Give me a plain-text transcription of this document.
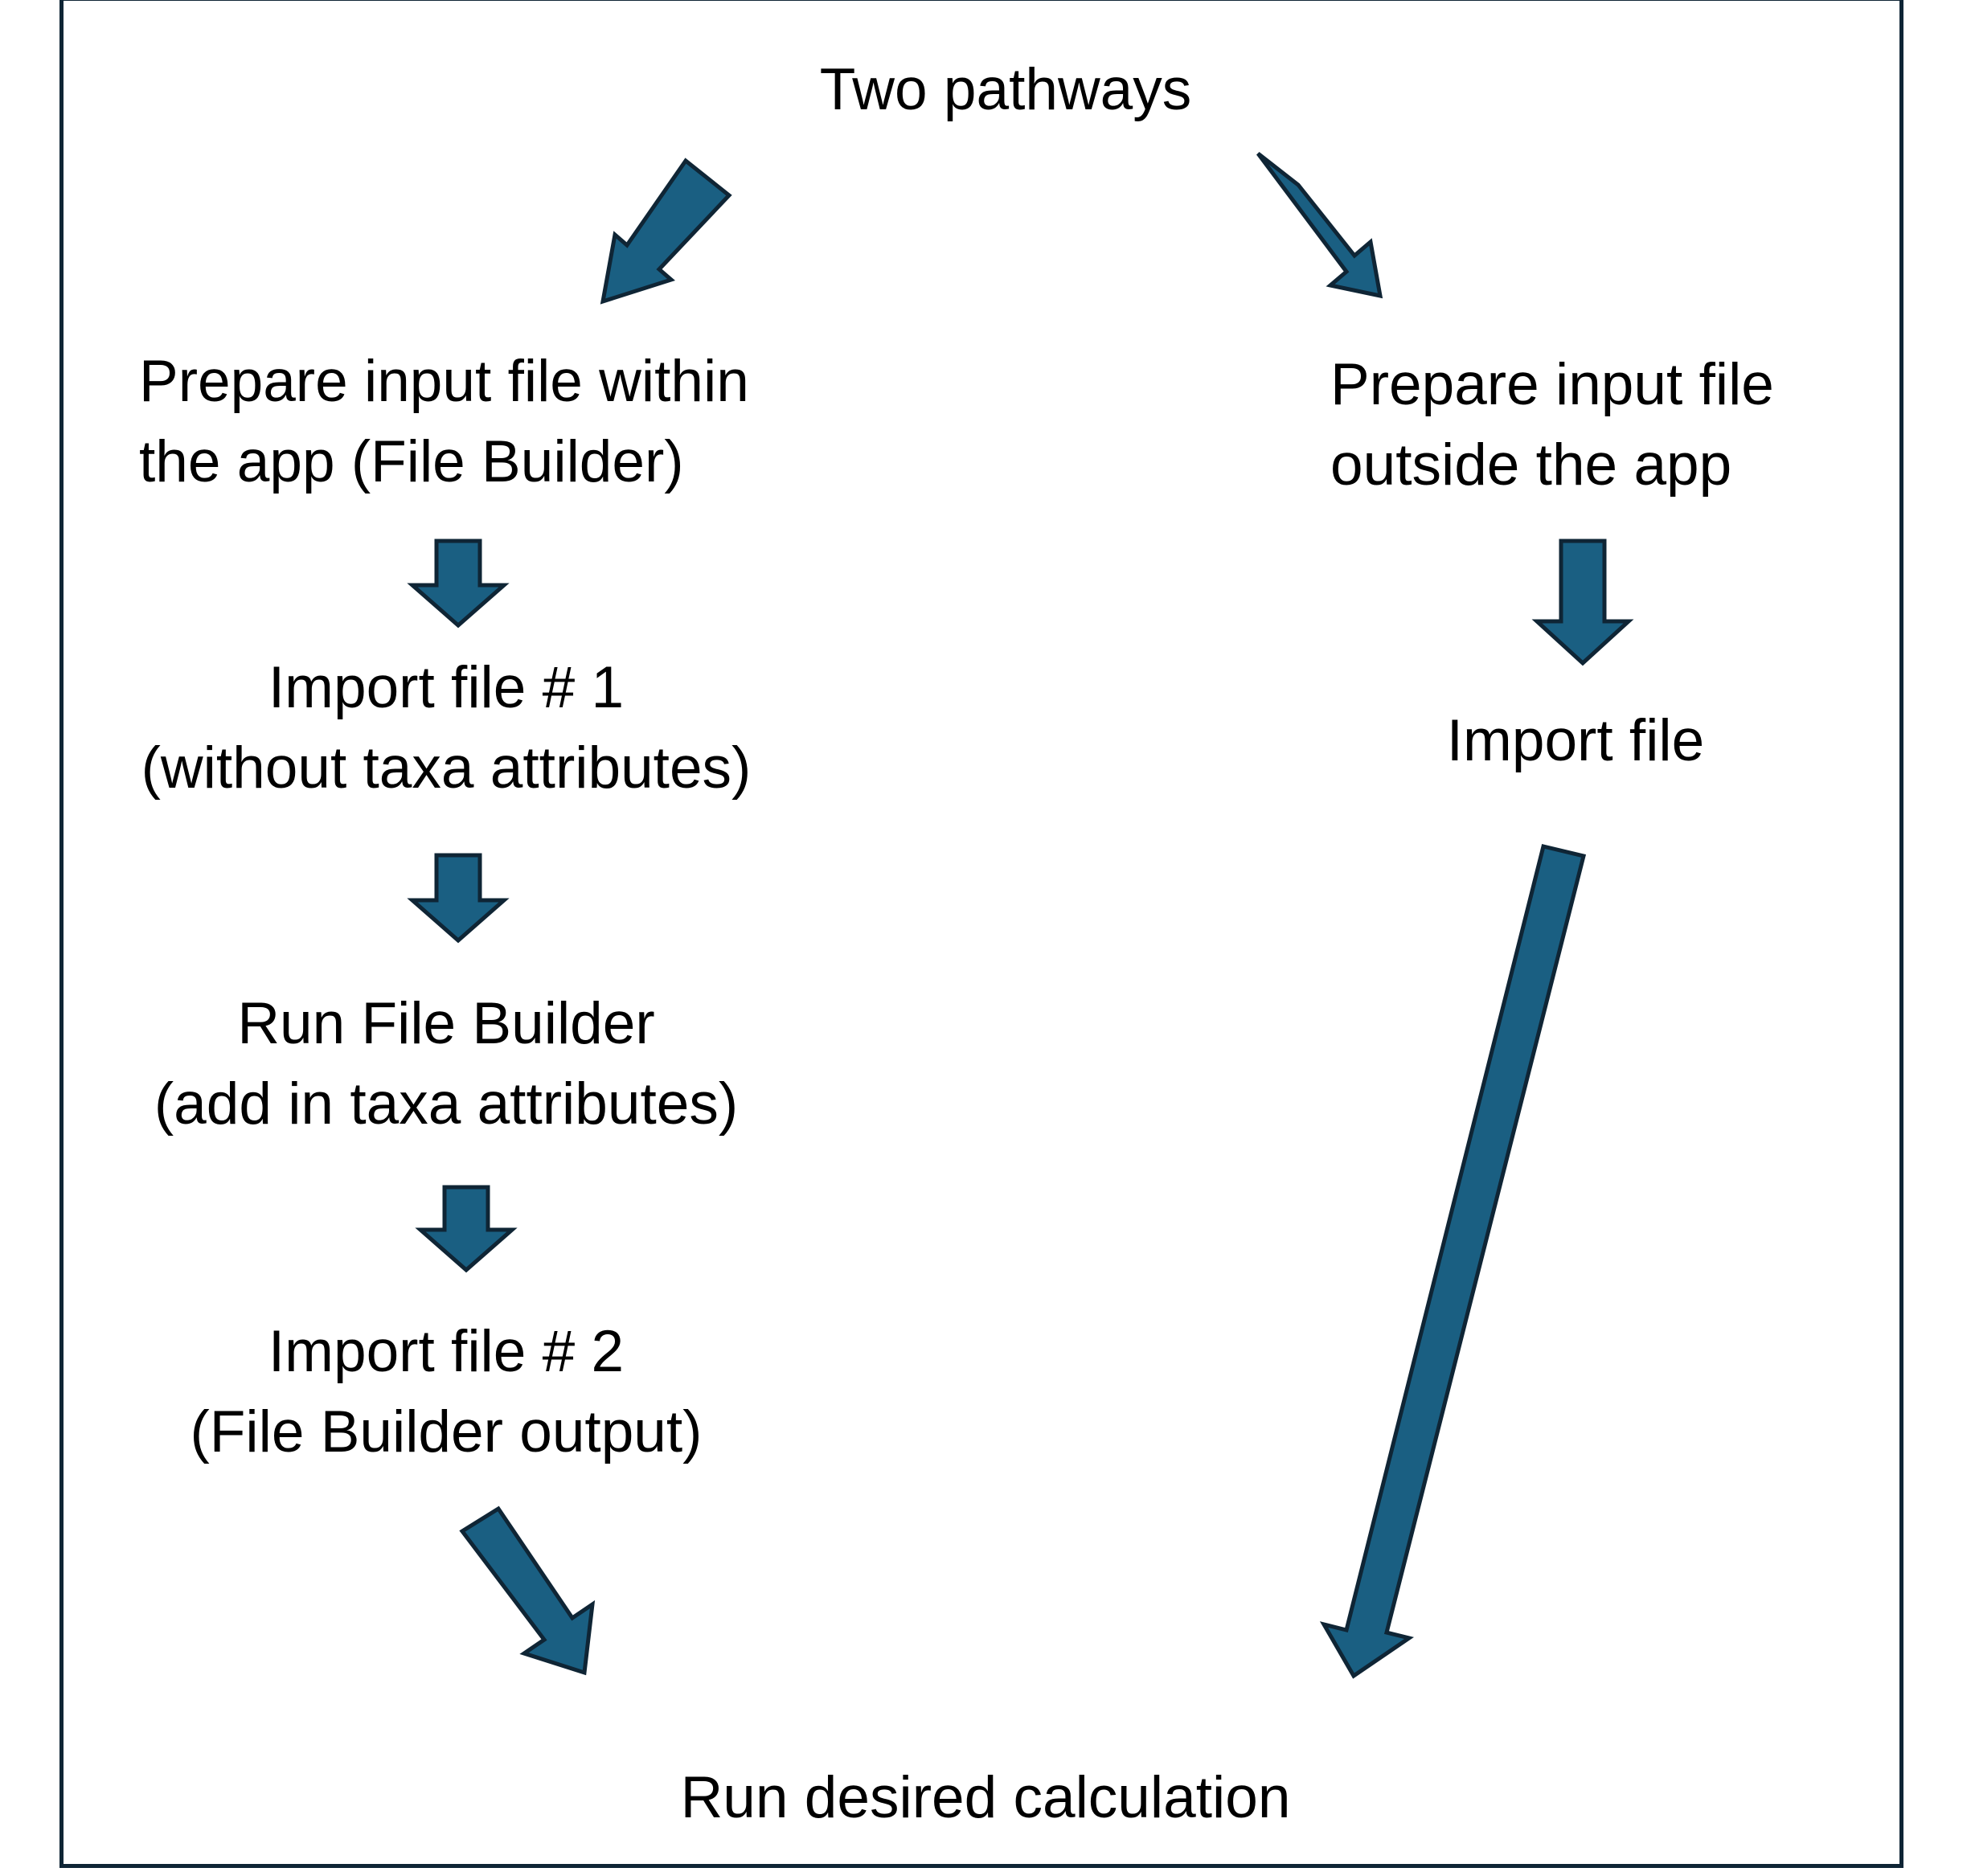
Two pathways
Prepare input file within
the app (File Builder)
Import file # 1
(without taxa attributes)
Run File Builder
(add in taxa attributes)
Import file # 2
(File Builder output)
Prepare input file
outside the app
Import file
Run desired calculation
